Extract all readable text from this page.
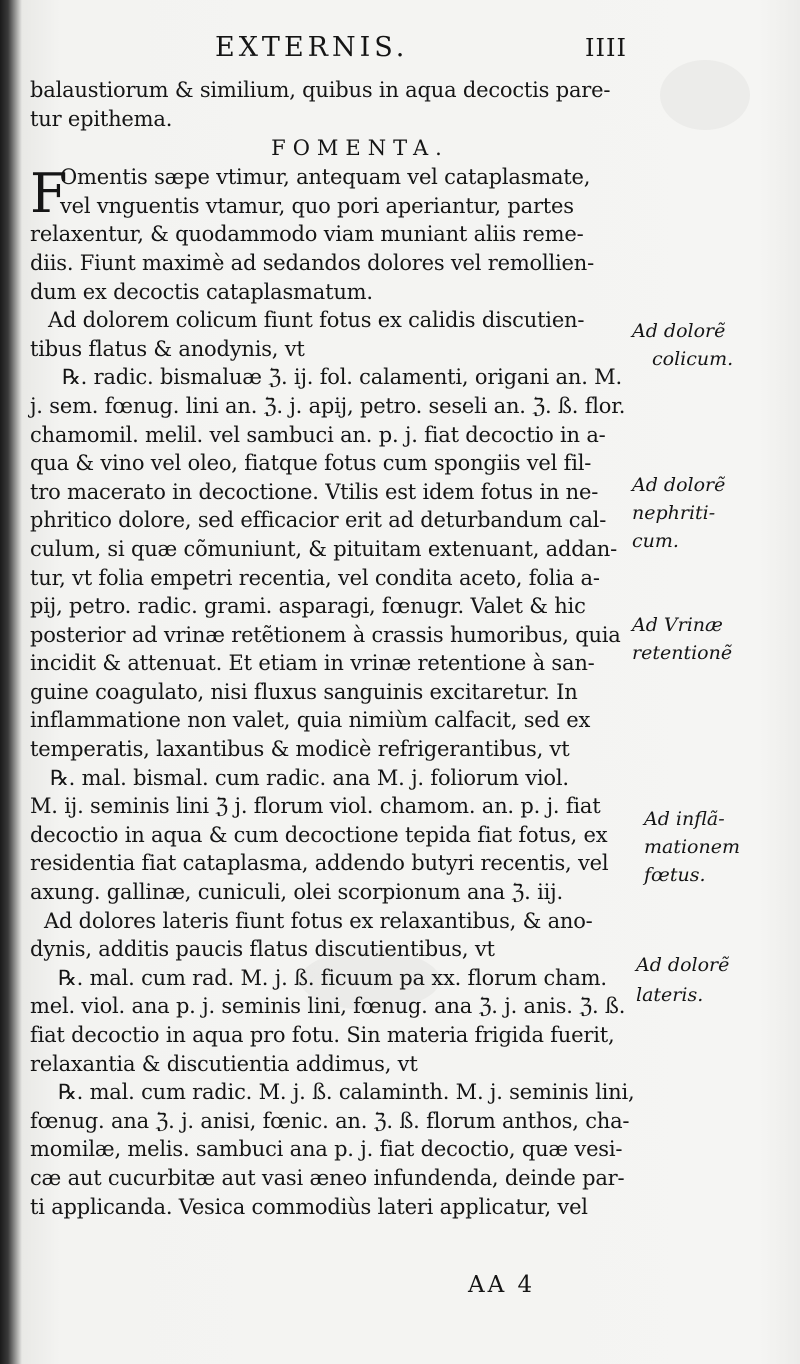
EXTERNIS.	IIII
balaustiorum & similium, quibus in aqua decoctis pare-
tur epithema.
FOMENTA.
F
Omentis sæpe vtimur, antequam vel cataplasmate,
vel vnguentis vtamur, quo pori aperiantur, partes
relaxentur, & quodammodo viam muniant aliis reme-
diis. Fiunt maximè ad sedandos dolores vel remollien-
dum ex decoctis cataplasmatum.
Ad dolorem colicum fiunt fotus ex calidis discutien-
tibus flatus & anodynis, vt
℞. radic. bismaluæ ℨ. ij. fol. calamenti, origani an. M.
j. sem. fœnug. lini an. ℨ. j. apij, petro. seseli an. ℨ. ß. flor.
chamomil. melil. vel sambuci an. p. j. fiat decoctio in a-
qua & vino vel oleo, fiatque fotus cum spongiis vel fil-
tro macerato in decoctione. Vtilis est idem fotus in ne-
phritico dolore, sed efficacior erit ad deturbandum cal-
culum, si quæ cõmuniunt, & pituitam extenuant, addan-
tur, vt folia empetri recentia, vel condita aceto, folia a-
pij, petro. radic. grami. asparagi, fœnugr. Valet & hic
posterior ad vrinæ retẽtionem à crassis humoribus, quia
incidit & attenuat. Et etiam in vrinæ retentione à san-
guine coagulato, nisi fluxus sanguinis excitaretur. In
inflammatione non valet, quia nimiùm calfacit, sed ex
temperatis, laxantibus & modicè refrigerantibus, vt
℞. mal. bismal. cum radic. ana M. j. foliorum viol.
M. ij. seminis lini ℨ j. florum viol. chamom. an. p. j. fiat
decoctio in aqua & cum decoctione tepida fiat fotus, ex
residentia fiat cataplasma, addendo butyri recentis, vel
axung. gallinæ, cuniculi, olei scorpionum ana ℨ. iij.
Ad dolores lateris fiunt fotus ex relaxantibus, & ano-
dynis, additis paucis flatus discutientibus, vt
℞. mal. cum rad. M. j. ß. ficuum pa xx. florum cham.
mel. viol. ana p. j. seminis lini, fœnug. ana ℨ. j. anis. ℨ. ß.
fiat decoctio in aqua pro fotu. Sin materia frigida fuerit,
relaxantia & discutientia addimus, vt
℞. mal. cum radic. M. j. ß. calaminth. M. j. seminis lini,
fœnug. ana ℨ. j. anisi, fœnic. an. ℨ. ß. florum anthos, cha-
momilæ, melis. sambuci ana p. j. fiat decoctio, quæ vesi-
cæ aut cucurbitæ aut vasi æneo infundenda, deinde par-
ti applicanda. Vesica commodiùs lateri applicatur, vel
Ad dolorẽ
colicum.
Ad dolorẽ
nephriti-
cum.
Ad Vrinæ
retentionẽ
Ad inflã-
mationem
fœtus.
Ad dolorẽ
lateris.
AA 4
